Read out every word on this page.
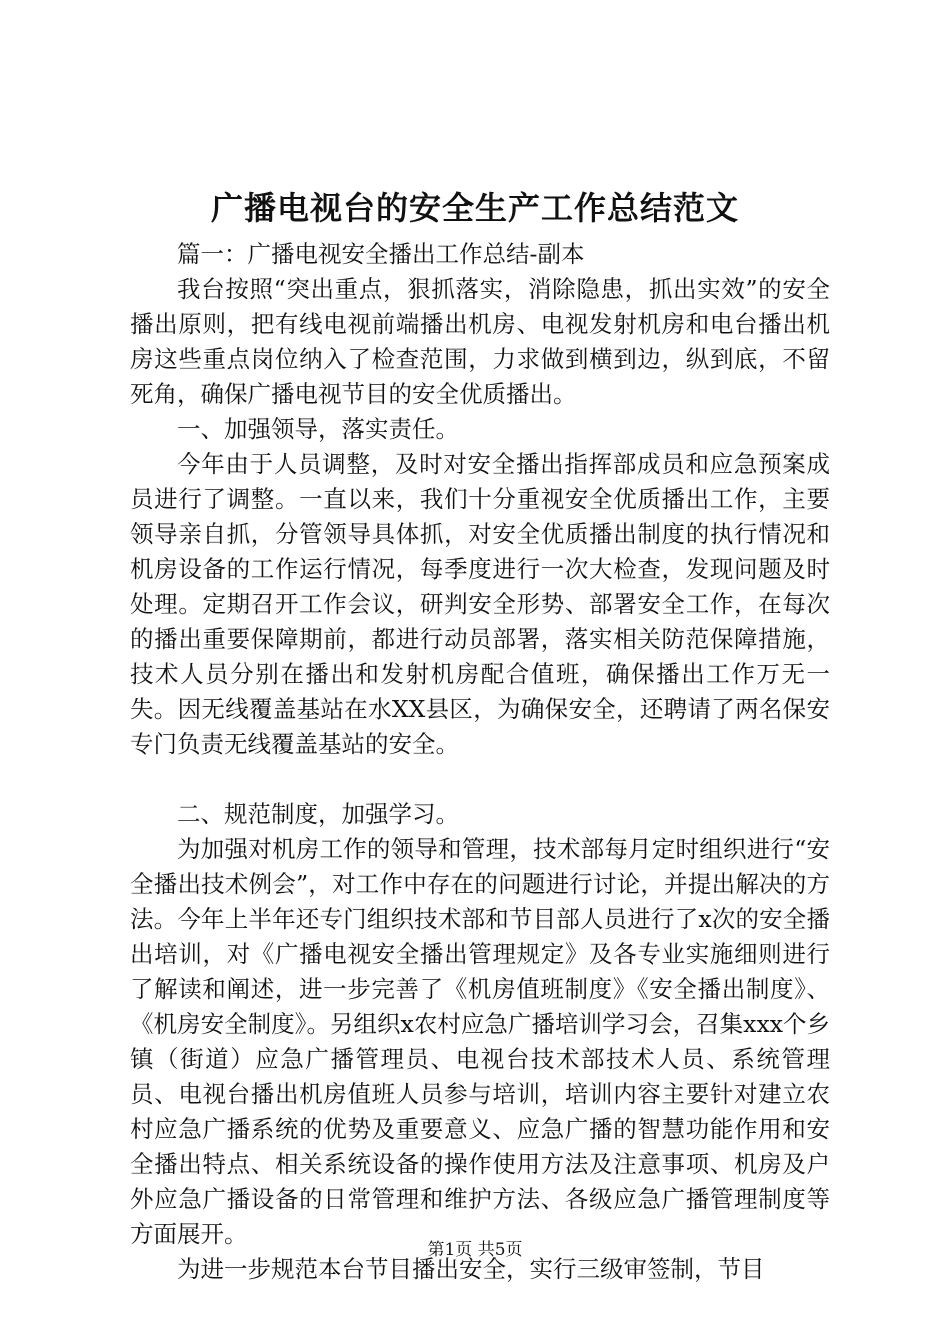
广播电视台的安全生产工作总结范文

篇一：广播电视安全播出工作总结-副本

我台按照“突出重点，狠抓落实，消除隐患，抓出实效”的安全播出原则，把有线电视前端播出机房、电视发射机房和电台播出机房这些重点岗位纳入了检查范围，力求做到横到边，纵到底，不留死角，确保广播电视节目的安全优质播出。

一、加强领导，落实责任。

今年由于人员调整，及时对安全播出指挥部成员和应急预案成员进行了调整。一直以来，我们十分重视安全优质播出工作，主要领导亲自抓，分管领导具体抓，对安全优质播出制度的执行情况和机房设备的工作运行情况，每季度进行一次大检查，发现问题及时处理。定期召开工作会议，研判安全形势、部署安全工作，在每次的播出重要保障期前，都进行动员部署，落实相关防范保障措施，技术人员分别在播出和发射机房配合值班，确保播出工作万无一失。因无线覆盖基站在水XX县区，为确保安全，还聘请了两名保安专门负责无线覆盖基站的安全。

二、规范制度，加强学习。

为加强对机房工作的领导和管理，技术部每月定时组织进行“安全播出技术例会”，对工作中存在的问题进行讨论，并提出解决的方法。今年上半年还专门组织技术部和节目部人员进行了x次的安全播出培训，对《广播电视安全播出管理规定》及各专业实施细则进行了解读和阐述，进一步完善了《机房值班制度》《安全播出制度》、《机房安全制度》。另组织x农村应急广播培训学习会，召集xxx个乡镇（街道）应急广播管理员、电视台技术部技术人员、系统管理员、电视台播出机房值班人员参与培训，培训内容主要针对建立农村应急广播系统的优势及重要意义、应急广播的智慧功能作用和安全播出特点、相关系统设备的操作使用方法及注意事项、机房及户外应急广播设备的日常管理和维护方法、各级应急广播管理制度等方面展开。

为进一步规范本台节目播出安全，实行三级审签制，节目

第1页 共5页
